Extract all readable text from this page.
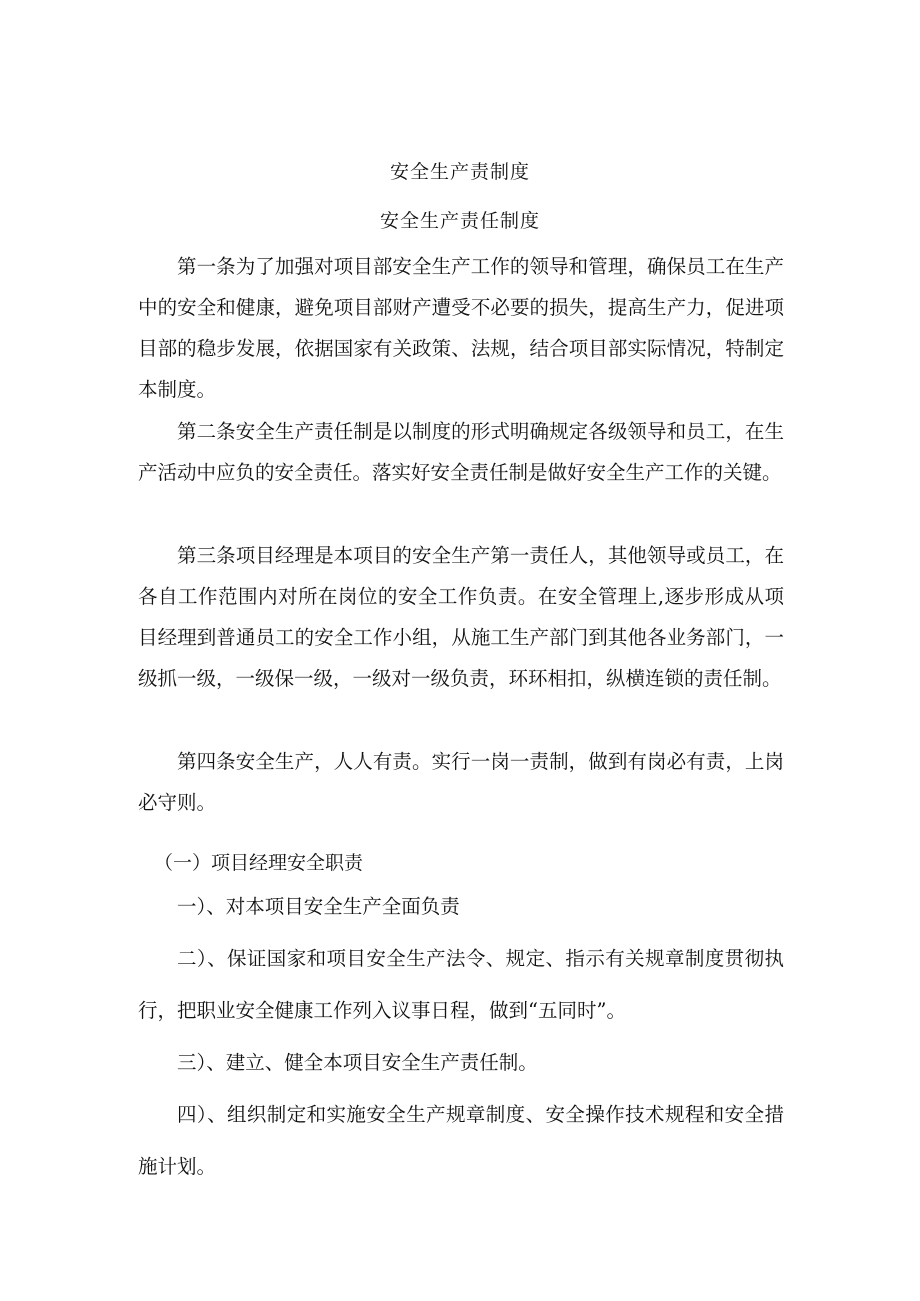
安全生产责制度
安全生产责任制度

第一条为了加强对项目部安全生产工作的领导和管理，确保员工在生产中的安全和健康，避免项目部财产遭受不必要的损失，提高生产力，促进项目部的稳步发展，依据国家有关政策、法规，结合项目部实际情况，特制定本制度。

第二条安全生产责任制是以制度的形式明确规定各级领导和员工，在生产活动中应负的安全责任。落实好安全责任制是做好安全生产工作的关键。

第三条项目经理是本项目的安全生产第一责任人，其他领导或员工，在各自工作范围内对所在岗位的安全工作负责。在安全管理上,逐步形成从项目经理到普通员工的安全工作小组，从施工生产部门到其他各业务部门，一级抓一级，一级保一级，一级对一级负责，环环相扣，纵横连锁的责任制。

第四条安全生产，人人有责。实行一岗一责制，做到有岗必有责，上岗必守则。

（一）项目经理安全职责

一）、对本项目安全生产全面负责

二）、保证国家和项目安全生产法令、规定、指示有关规章制度贯彻执行，把职业安全健康工作列入议事日程，做到“五同时”。

三）、建立、健全本项目安全生产责任制。

四）、组织制定和实施安全生产规章制度、安全操作技术规程和安全措施计划。
